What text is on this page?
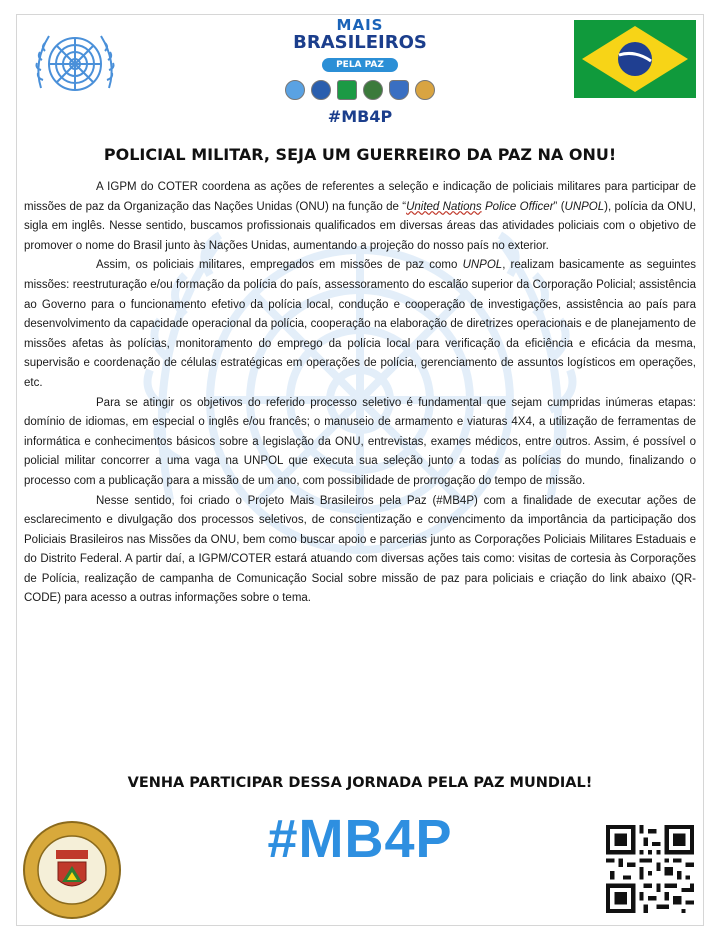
MAIS
BRASILEIROS
PELA PAZ
#MB4P
POLICIAL MILITAR, SEJA UM GUERREIRO DA PAZ NA ONU!

A IGPM do COTER coordena as ações de referentes a seleção e indicação de policiais militares para participar de missões de paz da Organização das Nações Unidas (ONU) na função de “United Nations Police Officer” (UNPOL), polícia da ONU, sigla em inglês. Nesse sentido, buscamos profissionais qualificados em diversas áreas das atividades policiais com o objetivo de promover o nome do Brasil junto às Nações Unidas, aumentando a projeção do nosso país no exterior.

Assim, os policiais militares, empregados em missões de paz como UNPOL, realizam basicamente as seguintes missões: reestruturação e/ou formação da polícia do país, assessoramento do escalão superior da Corporação Policial; assistência ao Governo para o funcionamento efetivo da polícia local, condução e cooperação de investigações, assistência ao país para desenvolvimento da capacidade operacional da polícia, cooperação na elaboração de diretrizes operacionais e de planejamento de missões afetas às polícias, monitoramento do emprego da polícia local para verificação da eficiência e eficácia da mesma, supervisão e coordenação de células estratégicas em operações de polícia, gerenciamento de assuntos logísticos em operações, etc.

Para se atingir os objetivos do referido processo seletivo é fundamental que sejam cumpridas inúmeras etapas: domínio de idiomas, em especial o inglês e/ou francês; o manuseio de armamento e viaturas 4X4, a utilização de ferramentas de informática e conhecimentos básicos sobre a legislação da ONU, entrevistas, exames médicos, entre outros. Assim, é possível o policial militar concorrer a uma vaga na UNPOL que executa sua seleção junto a todas as polícias do mundo, finalizando o processo com a publicação para a missão de um ano, com possibilidade de prorrogação do tempo de missão.

Nesse sentido, foi criado o Projeto Mais Brasileiros pela Paz (#MB4P) com a finalidade de executar ações de esclarecimento e divulgação dos processos seletivos, de conscientização e convencimento da importância da participação dos Policiais Brasileiros nas Missões da ONU, bem como buscar apoio e parcerias junto as Corporações Policiais Militares Estaduais e do Distrito Federal. A partir daí, a IGPM/COTER estará atuando com diversas ações tais como: visitas de cortesia às Corporações de Polícia, realização de campanha de Comunicação Social sobre missão de paz para policiais e criação do link abaixo (QR-CODE) para acesso a outras informações sobre o tema.

VENHA PARTICIPAR DESSA JORNADA PELA PAZ MUNDIAL!
#MB4P
